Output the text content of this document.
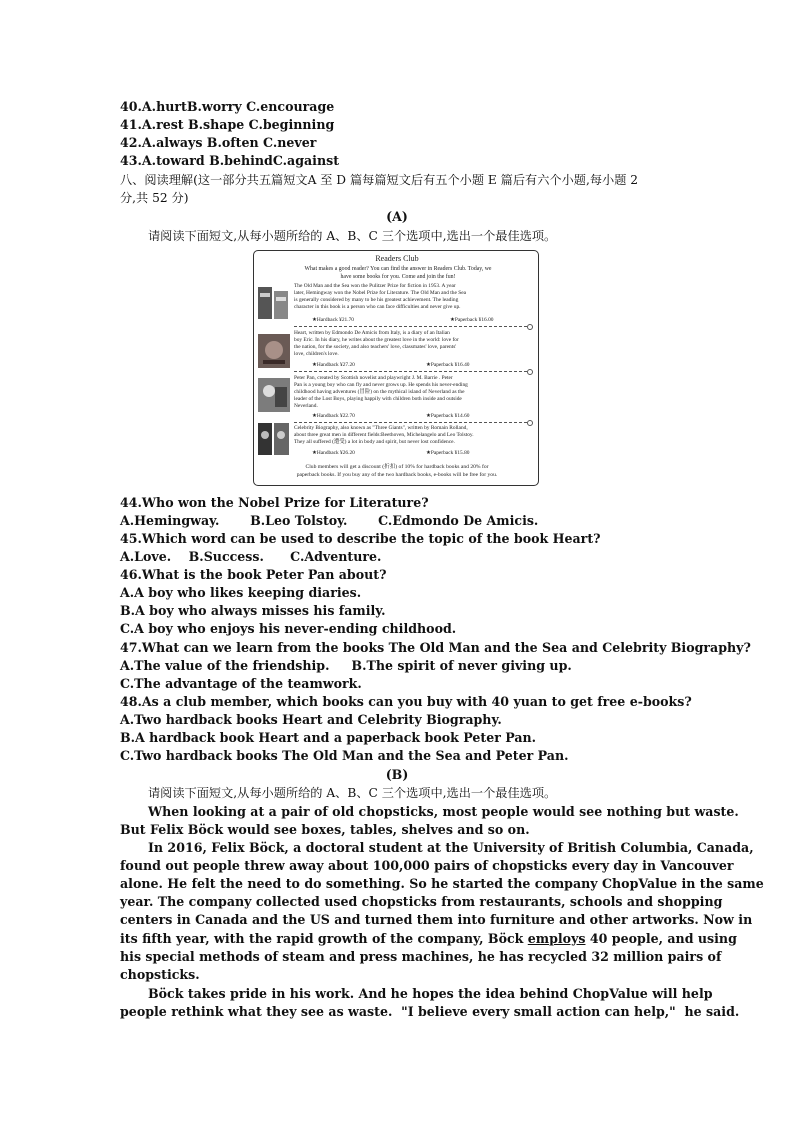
40.A.hurtB.worry C.encourage
41.A.rest B.shape C.beginning
42.A.always B.often C.never
43.A.toward B.behindC.against
八、阅读理解(这一部分共五篇短文A 至 D 篇每篇短文后有五个小题 E 篇后有六个小题,每小题 2
分,共 52 分)
(A)
请阅读下面短文,从每小题所给的 A、B、C 三个选项中,选出一个最佳选项。
Readers Club
What makes a good reader? You can find the answer in Readers Club. Today, we
have some books for you. Come and join the fun!
The Old Man and the Sea won the Pulitzer Prize for fiction in 1953. A year
later, Hemingway won the Nobel Prize for Literature. The Old Man and the Sea
is generally considered by many to be his greatest achievement. The leading
character in this book is a person who can face difficulties and never give up.
★Hardback ¥21.70	★Paperback ¥16.00
Heart, written by Edmondo De Amicis from Italy, is a diary of an Italian
boy Eric. In his diary, he writes about the greatest love in the world: love for
the nation, for the society, and also teachers' love, classmates' love, parents'
love, children's love.
★Handback ¥27.20	★Paperback ¥16.40
Peter Pan, created by Scottish novelist and playwright J. M. Barrie . Peter
Pan is a young boy who can fly and never grows up. He spends his never-ending
childhood having adventures (冒险) on the mythical island of Neverland as the
leader of the Lost Boys, playing happily with children both inside and outside
Neverland.
★Handback ¥22.70	★Paperback ¥14.60
Celebrity Biography, also known as "Three Giants", written by Romain Rolland,
about three great men in different fields:Beethoven, Michelangelo and Leo Tolstoy.
They all suffered (遭受) a lot in body and spirit, but never lost confidence.
★Handback ¥26.20	★Paperback ¥15.80
Club members will get a discount (折扣) of 10% for hardback books and 20% for
paperback books. If you buy any of the two hardback books, e-books will be free for you.
44.Who won the Nobel Prize for Literature?
A.Hemingway.       B.Leo Tolstoy.       C.Edmondo De Amicis.
45.Which word can be used to describe the topic of the book Heart?
A.Love.    B.Success.      C.Adventure.
46.What is the book Peter Pan about?
A.A boy who likes keeping diaries.
B.A boy who always misses his family.
C.A boy who enjoys his never-ending childhood.
47.What can we learn from the books The Old Man and the Sea and Celebrity Biography?
A.The value of the friendship.     B.The spirit of never giving up.
C.The advantage of the teamwork.
48.As a club member, which books can you buy with 40 yuan to get free e-books?
A.Two hardback books Heart and Celebrity Biography.
B.A hardback book Heart and a paperback book Peter Pan.
C.Two hardback books The Old Man and the Sea and Peter Pan.
(B)
请阅读下面短文,从每小题所给的 A、B、C 三个选项中,选出一个最佳选项。
When looking at a pair of old chopsticks, most people would see nothing but waste.
But Felix Böck would see boxes, tables, shelves and so on.
In 2016, Felix Böck, a doctoral student at the University of British Columbia, Canada,
found out people threw away about 100,000 pairs of chopsticks every day in Vancouver
alone. He felt the need to do something. So he started the company ChopValue in the same
year. The company collected used chopsticks from restaurants, schools and shopping
centers in Canada and the US and turned them into furniture and other artworks. Now in
its fifth year, with the rapid growth of the company, Böck employs 40 people, and using
his special methods of steam and press machines, he has recycled 32 million pairs of
chopsticks.
Böck takes pride in his work. And he hopes the idea behind ChopValue will help
people rethink what they see as waste.  "I believe every small action can help,"  he said.
